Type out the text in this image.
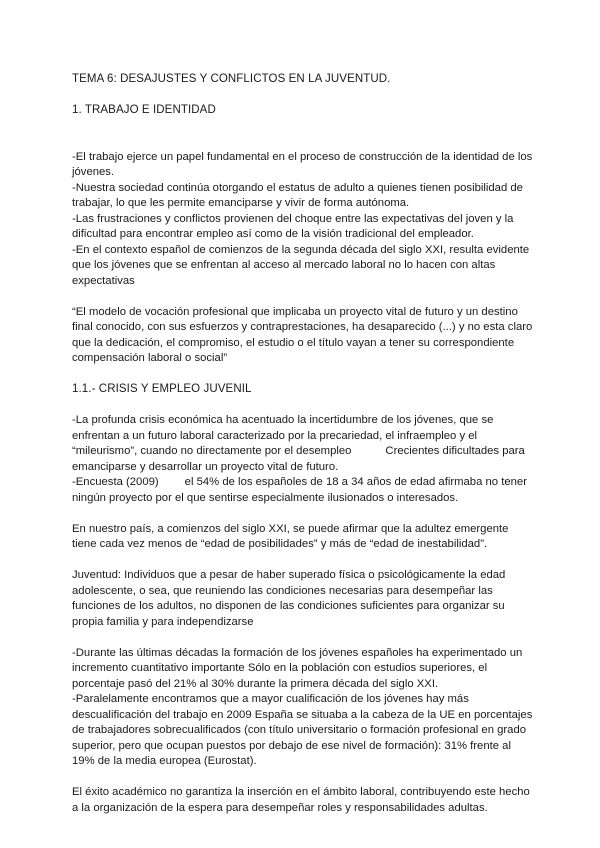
TEMA 6: DESAJUSTES Y CONFLICTOS EN LA JUVENTUD.

1. TRABAJO E IDENTIDAD

-El trabajo ejerce un papel fundamental en el proceso de construcción de la identidad de los

jóvenes.

-Nuestra sociedad continúa otorgando el estatus de adulto a quienes tienen posibilidad de

trabajar, lo que les permite emanciparse y vivir de forma autónoma.

-Las frustraciones y conflictos provienen del choque entre las expectativas del joven y la

dificultad para encontrar empleo así como de la visión tradicional del empleador.

-En el contexto español de comienzos de la segunda década del siglo XXI, resulta evidente

que los jóvenes que se enfrentan al acceso al mercado laboral no lo hacen con altas

expectativas

“El modelo de vocación profesional que implicaba un proyecto vital de futuro y un destino

final conocido, con sus esfuerzos y contraprestaciones, ha desaparecido (...) y no esta claro

que la dedicación, el compromiso, el estudio o el título vayan a tener su correspondiente

compensación laboral o social”

1.1.- CRISIS Y EMPLEO JUVENIL

-La profunda crisis económica ha acentuado la incertidumbre de los jóvenes, que se

enfrentan a un futuro laboral caracterizado por la precariedad, el infraempleo y el

“mileurismo”, cuando no directamente por el desempleo	Crecientes dificultades para

emanciparse y desarrollar un proyecto vital de futuro.

-Encuesta (2009) el 54% de los españoles de 18 a 34 años de edad afirmaba no tener

ningún proyecto por el que sentirse especialmente ilusionados o interesados.

En nuestro país, a comienzos del siglo XXI, se puede afirmar que la adultez emergente

tiene cada vez menos de “edad de posibilidades” y más de “edad de inestabilidad”.

Juventud: Individuos que a pesar de haber superado física o psicológicamente la edad

adolescente, o sea, que reuniendo las condiciones necesarias para desempeñar las

funciones de los adultos, no disponen de las condiciones suficientes para organizar su

propia familia y para independizarse

-Durante las últimas décadas la formación de los jóvenes españoles ha experimentado un

incremento cuantitativo importante Sólo en la población con estudios superiores, el

porcentaje pasó del 21% al 30% durante la primera década del siglo XXI.

-Paralelamente encontramos que a mayor cualificación de los jóvenes hay más

descualificación del trabajo en 2009 España se situaba a la cabeza de la UE en porcentajes

de trabajadores sobrecualificados (con título universitario o formación profesional en grado

superior, pero que ocupan puestos por debajo de ese nivel de formación): 31% frente al

19% de la media europea (Eurostat).

El éxito académico no garantiza la inserción en el ámbito laboral, contribuyendo este hecho

a la organización de la espera para desempeñar roles y responsabilidades adultas.
